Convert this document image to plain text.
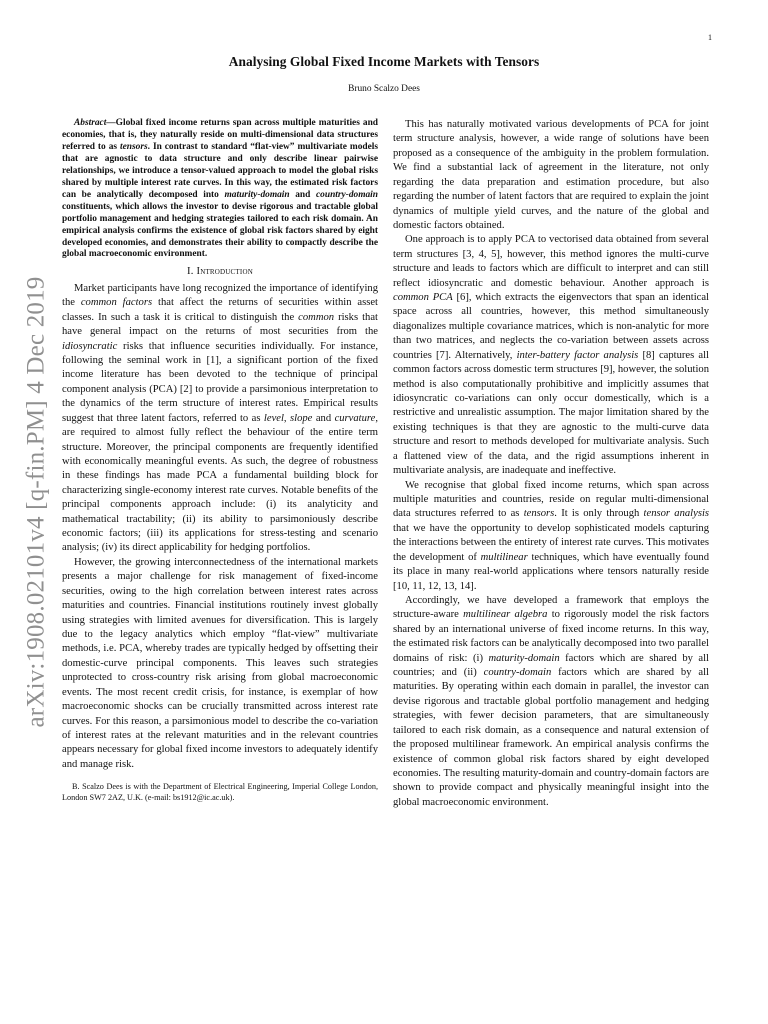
1
arXiv:1908.02101v4 [q-fin.PM] 4 Dec 2019
Analysing Global Fixed Income Markets with Tensors
Bruno Scalzo Dees

Abstract—Global fixed income returns span across multiple maturities and economies, that is, they naturally reside on multi-dimensional data structures referred to as tensors. In contrast to standard “flat-view” multivariate models that are agnostic to data structure and only describe linear pairwise relationships, we introduce a tensor-valued approach to model the global risks shared by multiple interest rate curves. In this way, the estimated risk factors can be analytically decomposed into maturity-domain and country-domain constituents, which allows the investor to devise rigorous and tractable global portfolio management and hedging strategies tailored to each risk domain. An empirical analysis confirms the existence of global risk factors shared by eight developed economies, and demonstrates their ability to compactly describe the global macroeconomic environment.

I. Introduction

Market participants have long recognized the importance of identifying the common factors that affect the returns of securities within asset classes. In such a task it is critical to distinguish the common risks that have general impact on the returns of most securities from the idiosyncratic risks that influence securities individually. For instance, following the seminal work in [1], a significant portion of the fixed income literature has been devoted to the technique of principal component analysis (PCA) [2] to provide a parsimonious interpretation to the dynamics of the term structure of interest rates. Empirical results suggest that three latent factors, referred to as level, slope and curvature, are required to almost fully reflect the behaviour of the entire term structure. Moreover, the principal components are frequently identified with economically meaningful events. As such, the degree of robustness in these findings has made PCA a fundamental building block for characterizing single-economy interest rate curves. Notable benefits of the principal components approach include: (i) its analyticity and mathematical tractability; (ii) its ability to parsimoniously describe economic factors; (iii) its applications for stress-testing and scenario analysis; (iv) its direct applicability for hedging portfolios.

However, the growing interconnectedness of the international markets presents a major challenge for risk management of fixed-income securities, owing to the high correlation between interest rates across maturities and countries. Financial institutions routinely invest globally using strategies with limited avenues for diversification. This is largely due to the legacy analytics which employ “flat-view” multivariate methods, i.e. PCA, whereby trades are typically hedged by offsetting their domestic-curve principal components. This leaves such strategies unprotected to cross-country risk arising from global macroeconomic events. The most recent credit crisis, for instance, is exemplar of how macroeconomic shocks can be crucially transmitted across interest rate curves. For this reason, a parsimonious model to describe the co-variation of interest rates at the relevant maturities and in the relevant countries appears necessary for global fixed income investors to adequately identify and manage risk.

B. Scalzo Dees is with the Department of Electrical Engineering, Imperial College London, London SW7 2AZ, U.K. (e-mail: bs1912@ic.ac.uk).

This has naturally motivated various developments of PCA for joint term structure analysis, however, a wide range of solutions have been proposed as a consequence of the ambiguity in the problem formulation. We find a substantial lack of agreement in the literature, not only regarding the data preparation and estimation procedure, but also regarding the number of latent factors that are required to explain the joint dynamics of multiple yield curves, and the nature of the global and domestic factors obtained.

One approach is to apply PCA to vectorised data obtained from several term structures [3, 4, 5], however, this method ignores the multi-curve structure and leads to factors which are difficult to interpret and can still reflect idiosyncratic and domestic behaviour. Another approach is common PCA [6], which extracts the eigenvectors that span an identical space across all countries, however, this method simultaneously diagonalizes multiple covariance matrices, which is non-analytic for more than two matrices, and neglects the co-variation between assets across countries [7]. Alternatively, inter-battery factor analysis [8] captures all common factors across domestic term structures [9], however, the solution method is also computationally prohibitive and implicitly assumes that idiosyncratic co-variations can only occur domestically, which is a restrictive and unrealistic assumption. The major limitation shared by the existing techniques is that they are agnostic to the multi-curve data structure and resort to methods developed for multivariate analysis. Such a flattened view of the data, and the rigid assumptions inherent in multivariate analysis, are inadequate and ineffective.

We recognise that global fixed income returns, which span across multiple maturities and countries, reside on regular multi-dimensional data structures referred to as tensors. It is only through tensor analysis that we have the opportunity to develop sophisticated models capturing the interactions between the entirety of interest rate curves. This motivates the development of multilinear techniques, which have eventually found its place in many real-world applications where tensors naturally reside [10, 11, 12, 13, 14].

Accordingly, we have developed a framework that employs the structure-aware multilinear algebra to rigorously model the risk factors shared by an international universe of fixed income returns. In this way, the estimated risk factors can be analytically decomposed into two parallel domains of risk: (i) maturity-domain factors which are shared by all countries; and (ii) country-domain factors which are shared by all maturities. By operating within each domain in parallel, the investor can devise rigorous and tractable global portfolio management and hedging strategies, with fewer decision parameters, that are simultaneously tailored to each risk domain, as a consequence and natural extension of the proposed multilinear framework. An empirical analysis confirms the existence of common global risk factors shared by eight developed economies. The resulting maturity-domain and country-domain factors are shown to provide compact and physically meaningful insight into the global macroeconomic environment.
